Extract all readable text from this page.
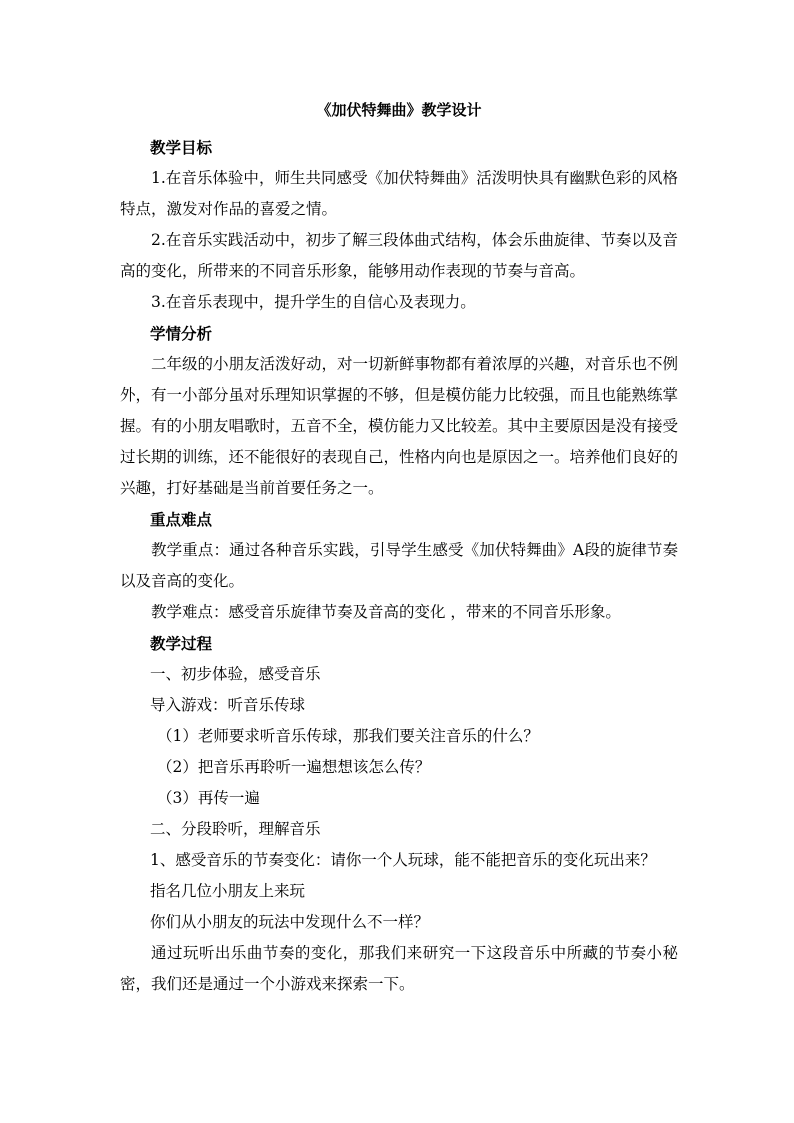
《加伏特舞曲》教学设计
教学目标

1.在音乐体验中，师生共同感受《加伏特舞曲》活泼明快具有幽默色彩的风格特点，激发对作品的喜爱之情。

2.在音乐实践活动中，初步了解三段体曲式结构，体会乐曲旋律、节奏以及音高的变化，所带来的不同音乐形象，能够用动作表现的节奏与音高。

3.在音乐表现中，提升学生的自信心及表现力。

学情分析

二年级的小朋友活泼好动，对一切新鲜事物都有着浓厚的兴趣，对音乐也不例外，有一小部分虽对乐理知识掌握的不够，但是模仿能力比较强，而且也能熟练掌握。有的小朋友唱歌时，五音不全，模仿能力又比较差。其中主要原因是没有接受过长期的训练，还不能很好的表现自己，性格内向也是原因之一。培养他们良好的兴趣，打好基础是当前首要任务之一。

重点难点

教学重点：通过各种音乐实践，引导学生感受《加伏特舞曲》A段的旋律节奏以及音高的变化。

教学难点：感受音乐旋律节奏及音高的变化 ，带来的不同音乐形象。

教学过程
一、初步体验，感受音乐
导入游戏：听音乐传球
（1）老师要求听音乐传球，那我们要关注音乐的什么？
（2）把音乐再聆听一遍想想该怎么传？
（3）再传一遍
二、分段聆听，理解音乐
1、感受音乐的节奏变化：请你一个人玩球，能不能把音乐的变化玩出来？
指名几位小朋友上来玩
你们从小朋友的玩法中发现什么不一样？

通过玩听出乐曲节奏的变化，那我们来研究一下这段音乐中所藏的节奏小秘密，我们还是通过一个小游戏来探索一下。
